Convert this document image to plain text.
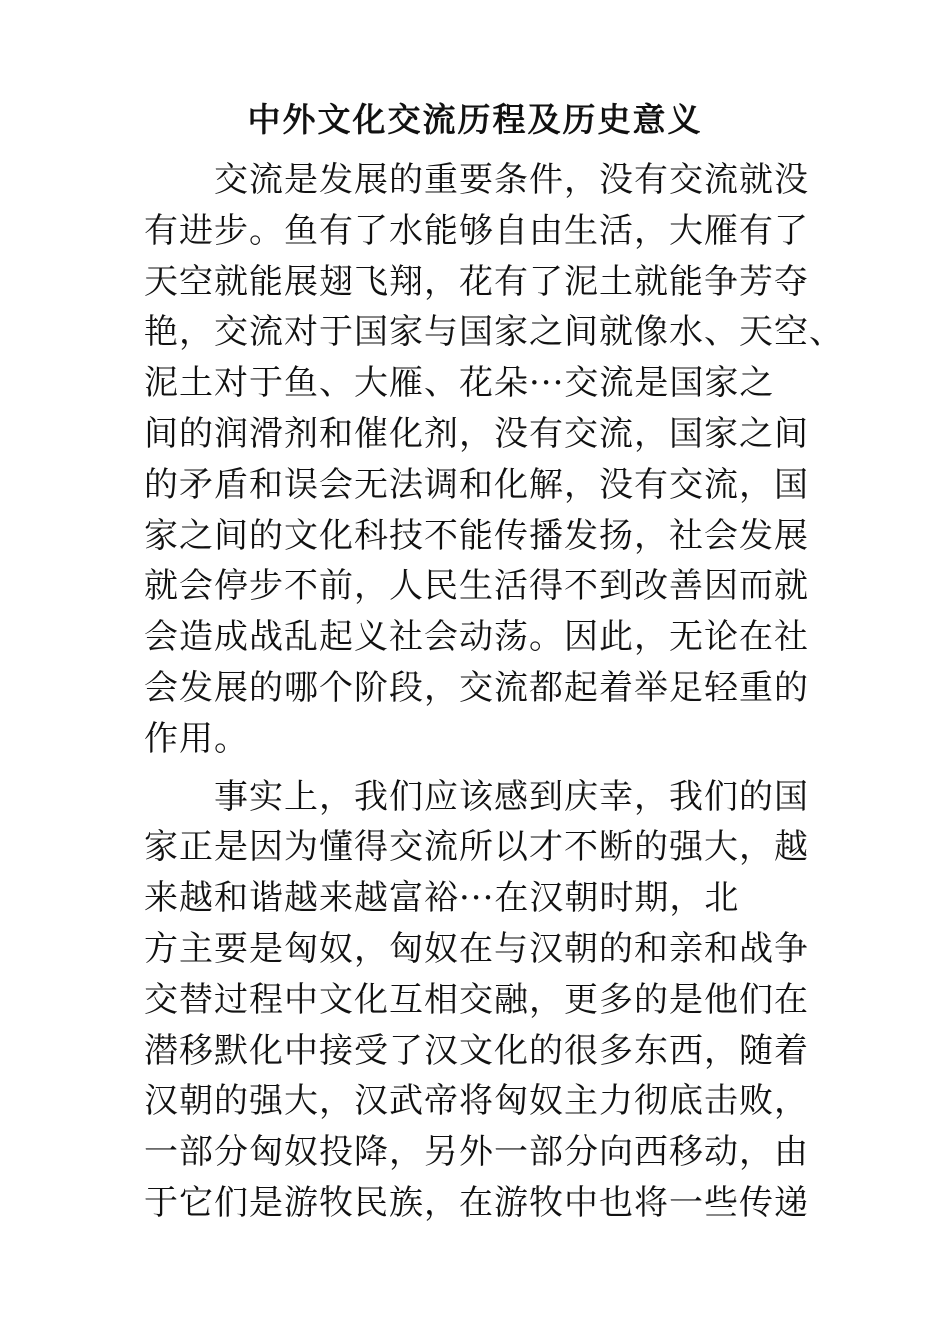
中外文化交流历程及历史意义
交流是发展的重要条件，没有交流就没
有进步。鱼有了水能够自由生活，大雁有了
天空就能展翅飞翔，花有了泥土就能争芳夺
艳，交流对于国家与国家之间就像水、天空、
泥土对于鱼、大雁、花朵···交流是国家之
间的润滑剂和催化剂，没有交流，国家之间
的矛盾和误会无法调和化解，没有交流，国
家之间的文化科技不能传播发扬，社会发展
就会停步不前，人民生活得不到改善因而就
会造成战乱起义社会动荡。因此，无论在社
会发展的哪个阶段，交流都起着举足轻重的
作用。
事实上，我们应该感到庆幸，我们的国
家正是因为懂得交流所以才不断的强大，越
来越和谐越来越富裕···在汉朝时期，北
方主要是匈奴，匈奴在与汉朝的和亲和战争
交替过程中文化互相交融，更多的是他们在
潜移默化中接受了汉文化的很多东西，随着
汉朝的强大，汉武帝将匈奴主力彻底击败，
一部分匈奴投降，另外一部分向西移动，由
于它们是游牧民族，在游牧中也将一些传递
